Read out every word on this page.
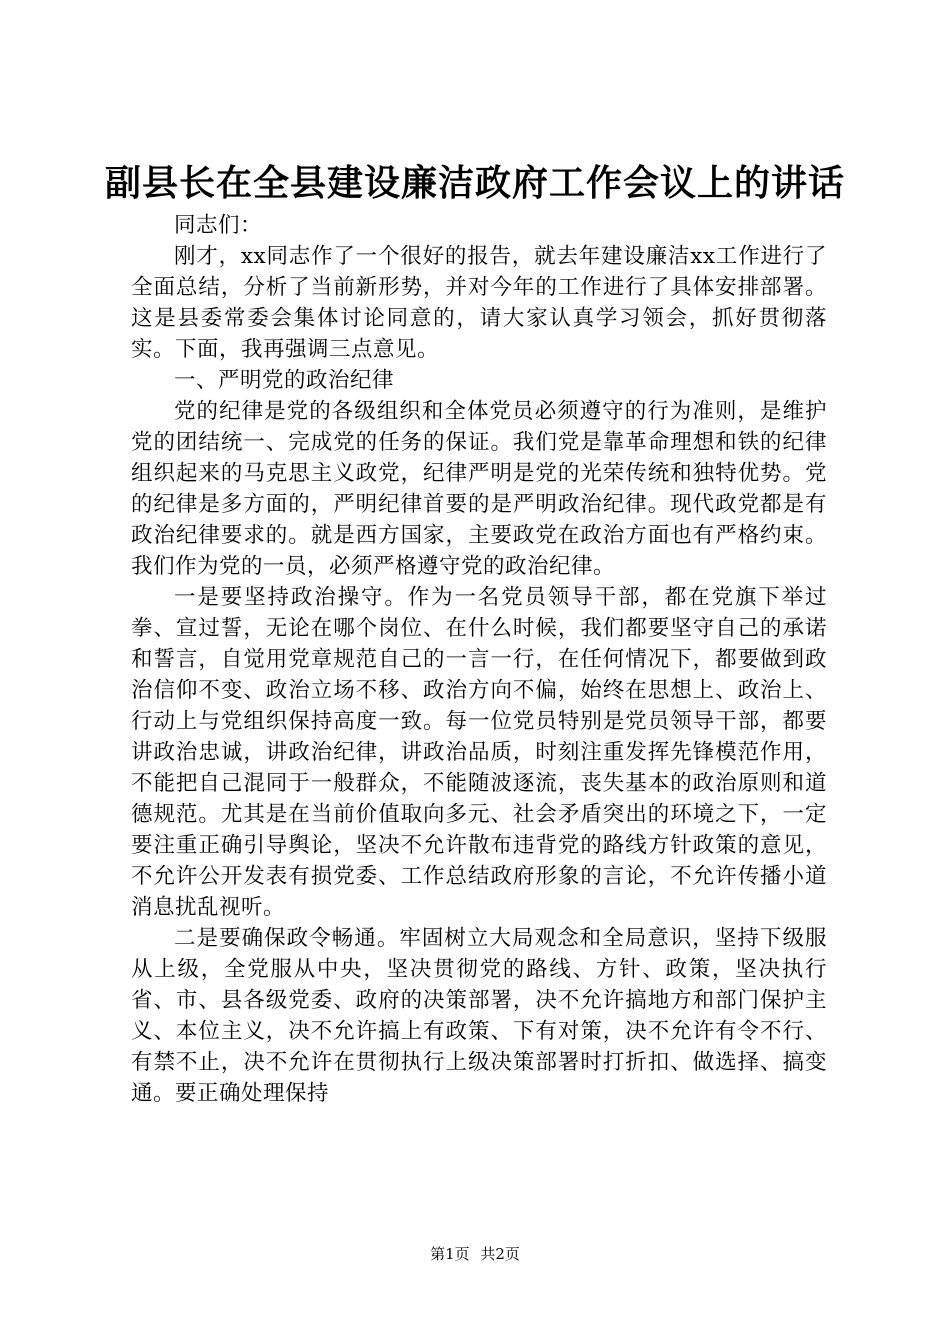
副县长在全县建设廉洁政府工作会议上的讲话

同志们：

刚才，xx同志作了一个很好的报告，就去年建设廉洁xx工作进行了全面总结，分析了当前新形势，并对今年的工作进行了具体安排部署。这是县委常委会集体讨论同意的，请大家认真学习领会，抓好贯彻落实。下面，我再强调三点意见。

一、严明党的政治纪律

党的纪律是党的各级组织和全体党员必须遵守的行为准则，是维护党的团结统一、完成党的任务的保证。我们党是靠革命理想和铁的纪律组织起来的马克思主义政党，纪律严明是党的光荣传统和独特优势。党的纪律是多方面的，严明纪律首要的是严明政治纪律。现代政党都是有政治纪律要求的。就是西方国家，主要政党在政治方面也有严格约束。我们作为党的一员，必须严格遵守党的政治纪律。

一是要坚持政治操守。作为一名党员领导干部，都在党旗下举过拳、宣过誓，无论在哪个岗位、在什么时候，我们都要坚守自己的承诺和誓言，自觉用党章规范自己的一言一行，在任何情况下，都要做到政治信仰不变、政治立场不移、政治方向不偏，始终在思想上、政治上、行动上与党组织保持高度一致。每一位党员特别是党员领导干部，都要讲政治忠诚，讲政治纪律，讲政治品质，时刻注重发挥先锋模范作用，不能把自己混同于一般群众，不能随波逐流，丧失基本的政治原则和道德规范。尤其是在当前价值取向多元、社会矛盾突出的环境之下，一定要注重正确引导舆论，坚决不允许散布违背党的路线方针政策的意见，不允许公开发表有损党委、工作总结政府形象的言论，不允许传播小道消息扰乱视听。

二是要确保政令畅通。牢固树立大局观念和全局意识，坚持下级服从上级，全党服从中央，坚决贯彻党的路线、方针、政策，坚决执行省、市、县各级党委、政府的决策部署，决不允许搞地方和部门保护主义、本位主义，决不允许搞上有政策、下有对策，决不允许有令不行、有禁不止，决不允许在贯彻执行上级决策部署时打折扣、做选择、搞变通。要正确处理保持

第1页 共2页
